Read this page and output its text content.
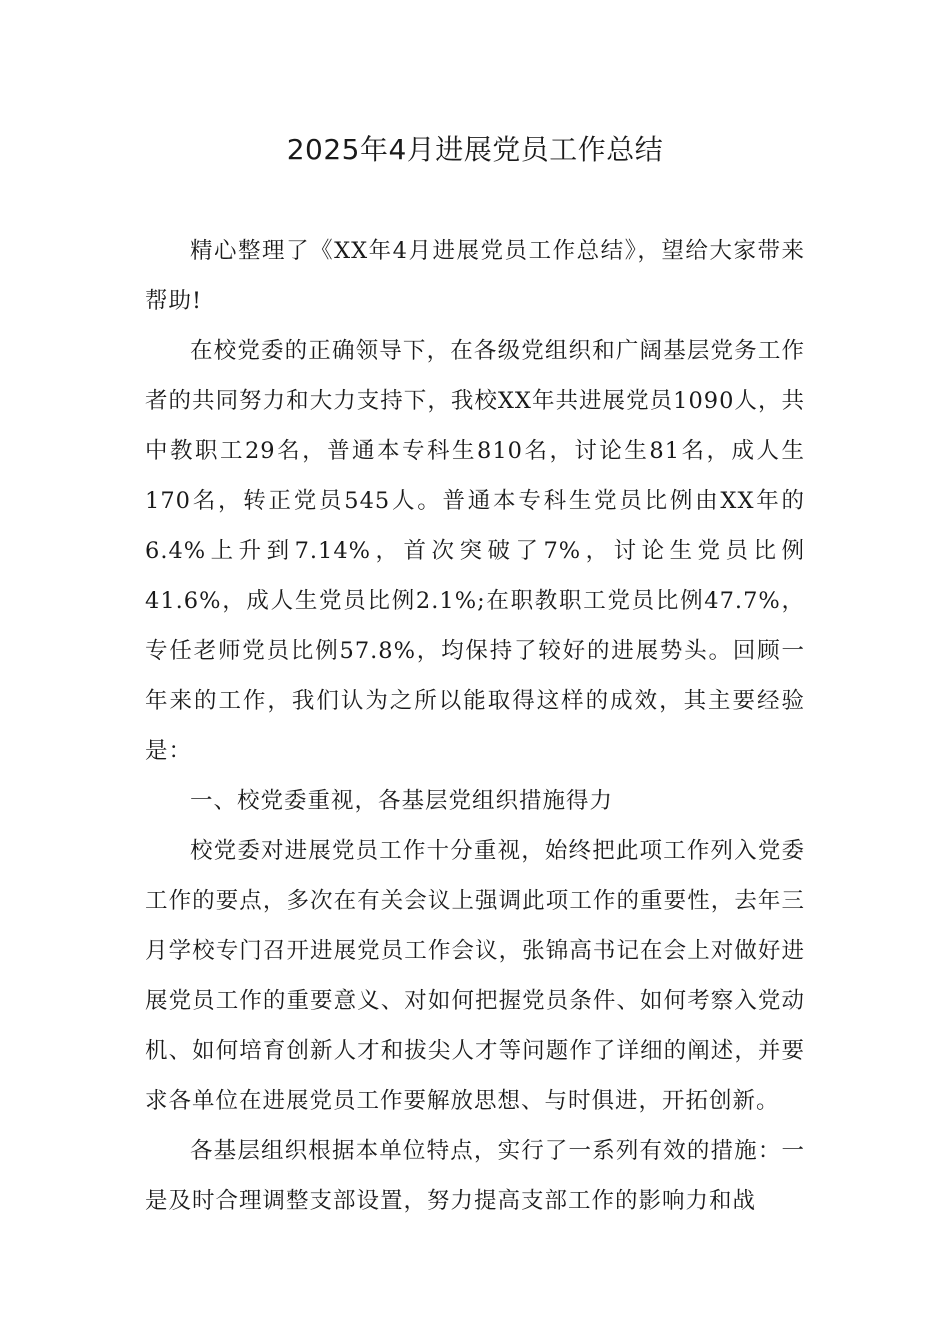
2025年4月进展党员工作总结

精心整理了《XX年4月进展党员工作总结》，望给大家带来帮助!

在校党委的正确领导下，在各级党组织和广阔基层党务工作者的共同努力和大力支持下，我校XX年共进展党员1090人，共中教职工29名，普通本专科生810名，讨论生81名，成人生170名，转正党员545人。普通本专科生党员比例由XX年的6.4%上升到7.14%，首次突破了7%，讨论生党员比例41.6%，成人生党员比例2.1%;在职教职工党员比例47.7%，专任老师党员比例57.8%，均保持了较好的进展势头。回顾一年来的工作，我们认为之所以能取得这样的成效，其主要经验是：

一、校党委重视，各基层党组织措施得力

校党委对进展党员工作十分重视，始终把此项工作列入党委工作的要点，多次在有关会议上强调此项工作的重要性，去年三月学校专门召开进展党员工作会议，张锦高书记在会上对做好进展党员工作的重要意义、对如何把握党员条件、如何考察入党动机、如何培育创新人才和拔尖人才等问题作了详细的阐述，并要求各单位在进展党员工作要解放思想、与时俱进，开拓创新。

各基层组织根据本单位特点，实行了一系列有效的措施：一是及时合理调整支部设置，努力提高支部工作的影响力和战
